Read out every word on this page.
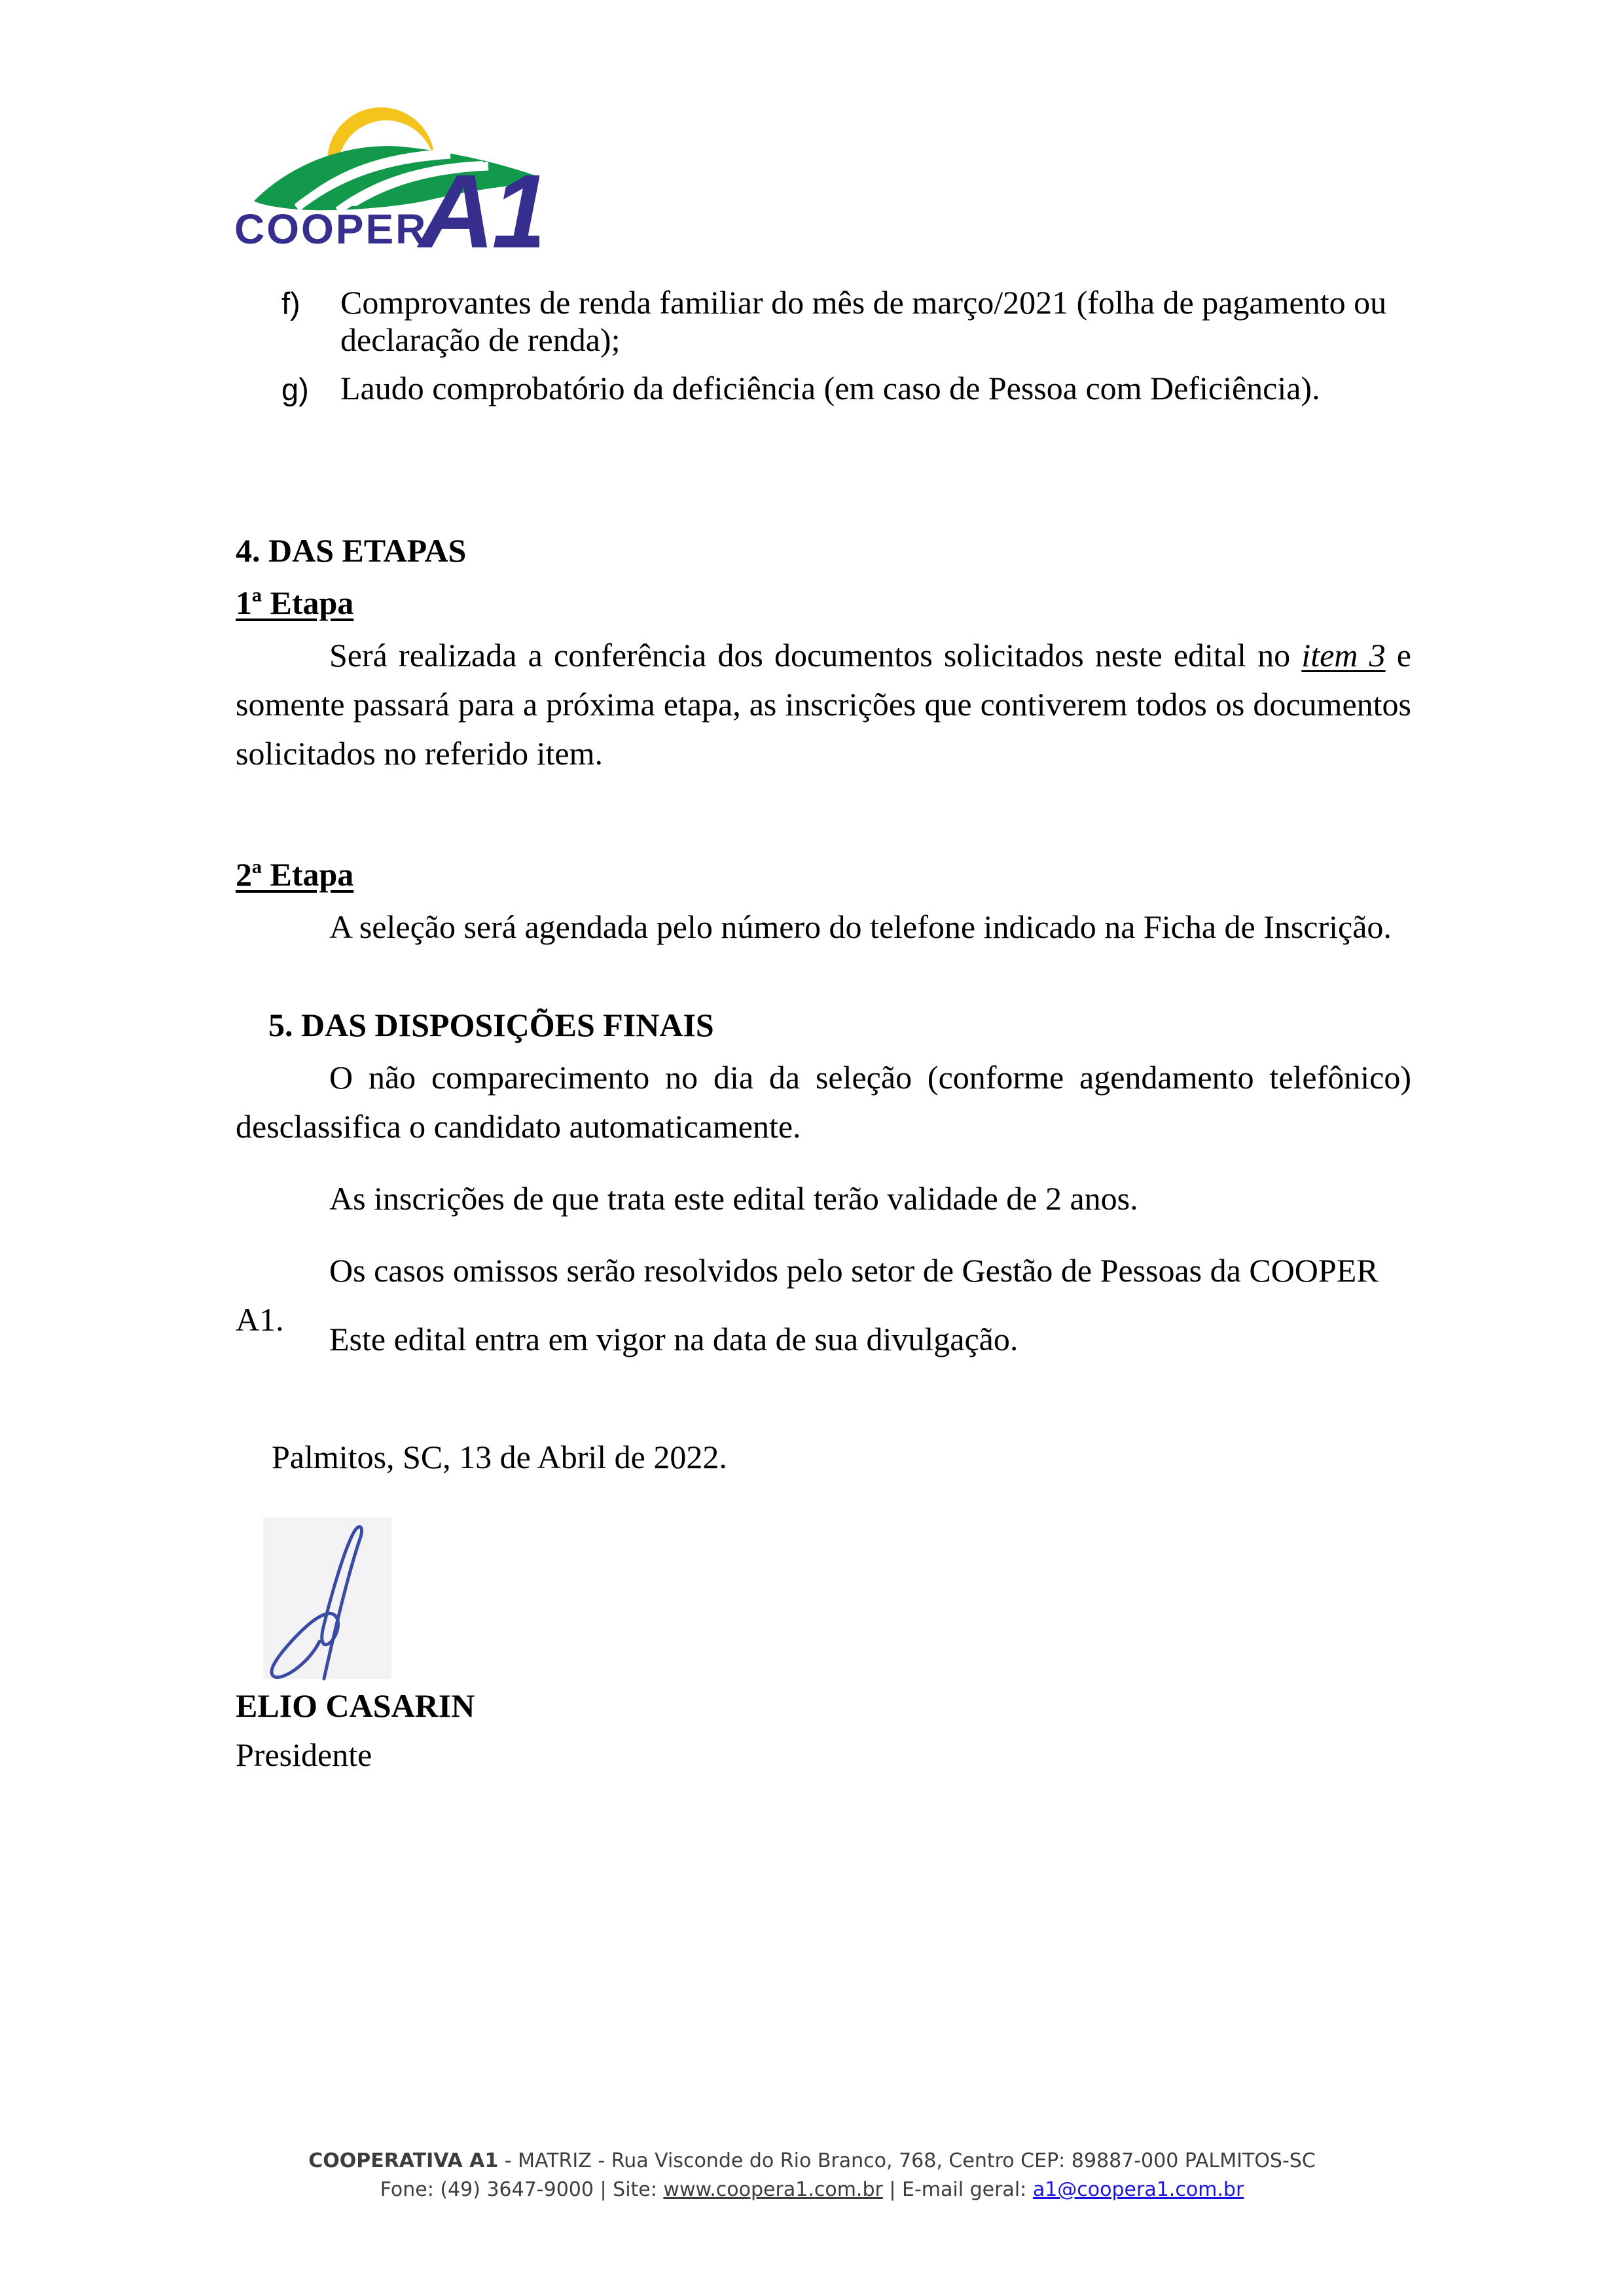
COOPER
A1
f) Comprovantes de renda familiar do mês de março/2021 (folha de pagamento ou declaração de renda);
g) Laudo comprobatório da deficiência (em caso de Pessoa com Deficiência).
4. DAS ETAPAS
1ª Etapa
Será realizada a conferência dos documentos solicitados neste edital no item 3 e somente passará para a próxima etapa, as inscrições que contiverem todos os documentos solicitados no referido item.
2ª Etapa
A seleção será agendada pelo número do telefone indicado na Ficha de Inscrição.
5. DAS DISPOSIÇÕES FINAIS
O não comparecimento no dia da seleção (conforme agendamento telefônico) desclassifica o candidato automaticamente.
As inscrições de que trata este edital terão validade de 2 anos.
Os casos omissos serão resolvidos pelo setor de Gestão de Pessoas da COOPER A1.
Este edital entra em vigor na data de sua divulgação.
Palmitos, SC, 13 de Abril de 2022.
ELIO CASARIN
Presidente
COOPERATIVA A1 - MATRIZ - Rua Visconde do Rio Branco, 768, Centro CEP: 89887-000 PALMITOS-SC
Fone: (49) 3647-9000 | Site: www.coopera1.com.br | E-mail geral: a1@coopera1.com.br
